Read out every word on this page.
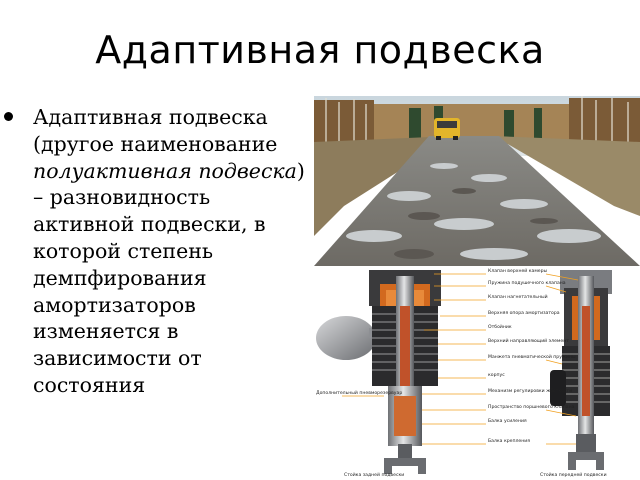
Адаптивная подвеска
Адаптивная подвеска (другое наименование полуактивная подвеска) – разновидность активной подвески, в которой степень демпфирования амортизаторов изменяется в зависимости от состояния
Клапан верхней камеры
Пружина подушечного клапана
Клапан нагнетательный
Верхняя опора амортизатора
Отбойник
Верхний направляющий элемент
Манжета пневматической пружины
корпус
Механизм регулировки жёсткости
Пространство поршневого клапана
Балка усиления
Балка крепления
Дополнительный пневморезервуар
Стойка задней подвески	Стойка передней подвески
